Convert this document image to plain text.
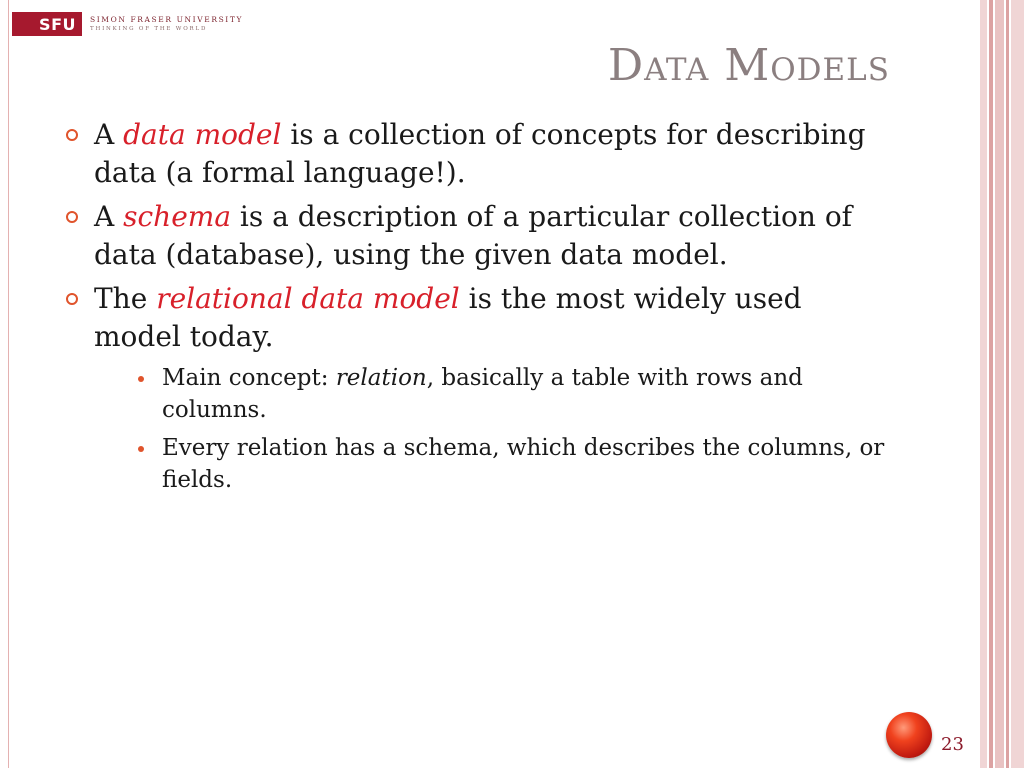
SFU	SIMON FRASER UNIVERSITY
THINKING OF THE WORLD
Data Models
A data model is a collection of concepts for describing data (a formal language!).
A schema is a description of a particular collection of data (database), using the given data model.
The relational data model is the most widely used model today.
Main concept: relation, basically a table with rows and columns.
Every relation has a schema, which describes the columns, or fields.
23
